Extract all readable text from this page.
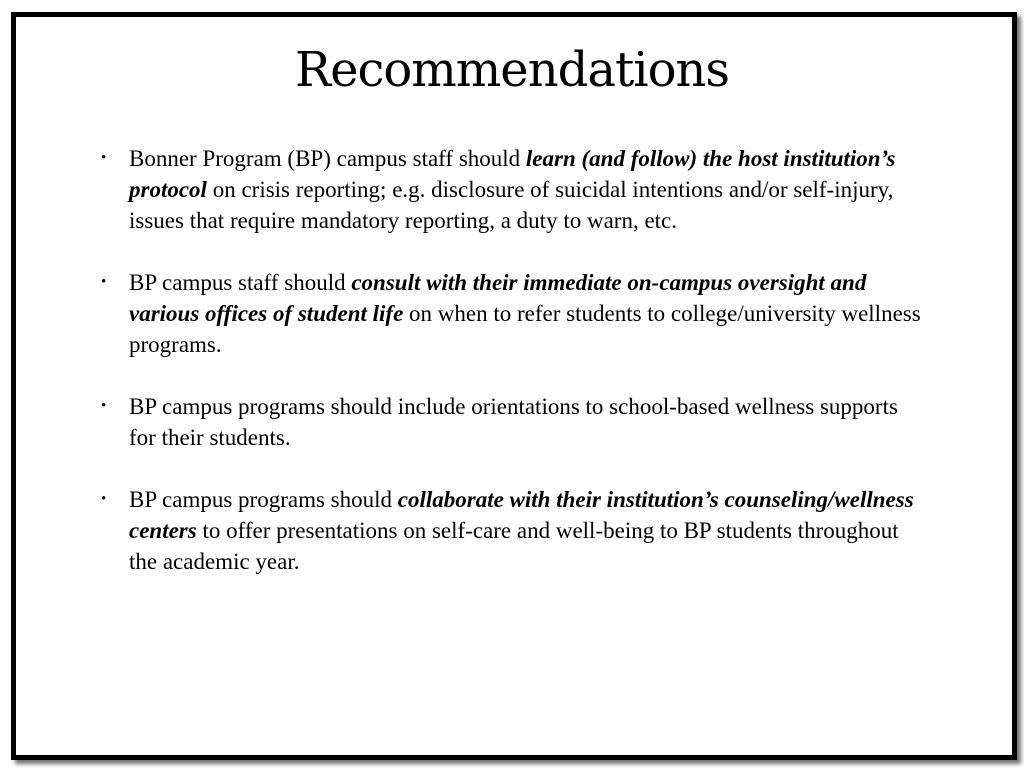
Recommendations
• Bonner Program (BP) campus staff should learn (and follow) the host institution’s protocol on crisis reporting; e.g. disclosure of suicidal intentions and/or self-injury, issues that require mandatory reporting, a duty to warn, etc.
• BP campus staff should consult with their immediate on-campus oversight and various offices of student life on when to refer students to college/university wellness programs.
• BP campus programs should include orientations to school-based wellness supports for their students.
• BP campus programs should collaborate with their institution’s counseling/wellness centers to offer presentations on self-care and well-being to BP students throughout the academic year.
